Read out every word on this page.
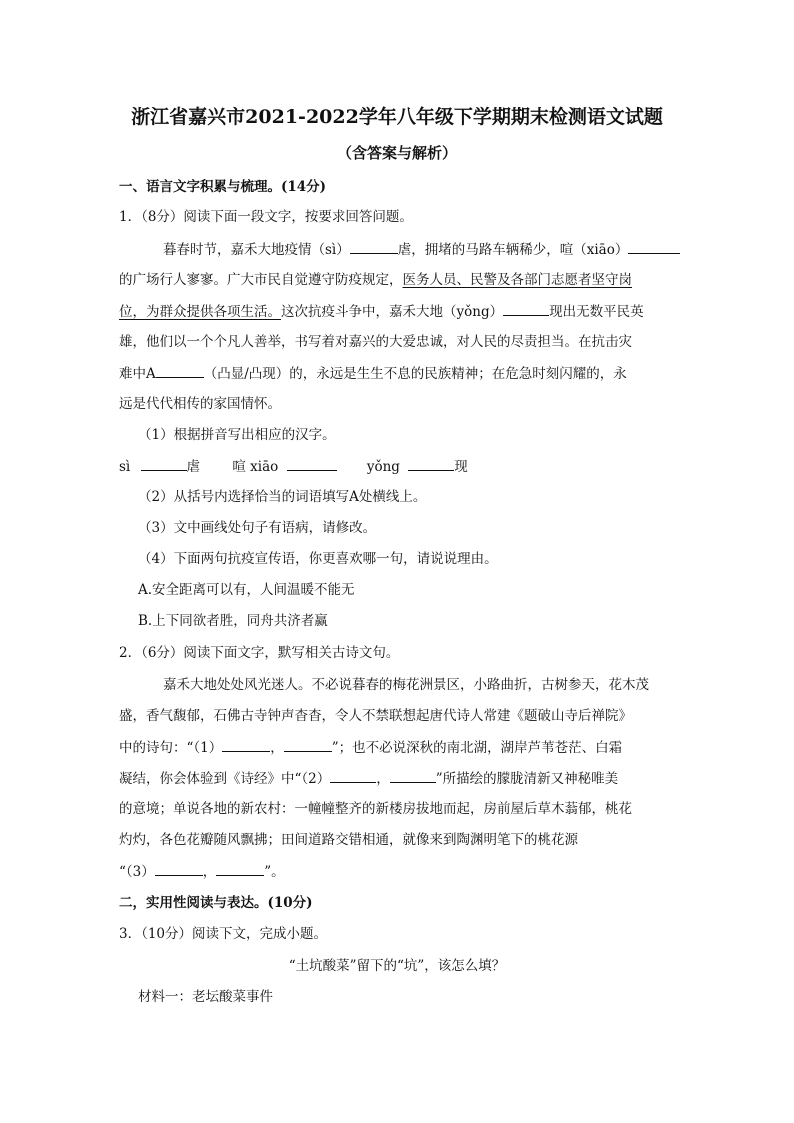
浙江省嘉兴市2021-2022学年八年级下学期期末检测语文试题
（含答案与解析）
一、语言文字积累与梳理。(14分)
1．（8分）阅读下面一段文字，按要求回答问题。
暮春时节，嘉禾大地疫情（sì）	虐，拥堵的马路车辆稀少，喧（xiāo）
的广场行人寥寥。广大市民自觉遵守防疫规定，医务人员、民警及各部门志愿者坚守岗
位，为群众提供各项生活。这次抗疫斗争中，嘉禾大地（yǒng）	现出无数平民英
雄，他们以一个个凡人善举，书写着对嘉兴的大爱忠诚，对人民的尽责担当。在抗击灾
难中A	（凸显/凸现）的，永远是生生不息的民族精神；在危急时刻闪耀的，永
远是代代相传的家国情怀。
（1）根据拼音写出相应的汉字。
sì	虐 喧 xiāo	yǒng	现
（2）从括号内选择恰当的词语填写A处横线上。
（3）文中画线处句子有语病，请修改。
（4）下面两句抗疫宣传语，你更喜欢哪一句，请说说理由。
A.安全距离可以有，人间温暖不能无
B.上下同欲者胜，同舟共济者赢
2．（6分）阅读下面文字，默写相关古诗文句。
嘉禾大地处处风光迷人。不必说暮春的梅花洲景区，小路曲折，古树参天，花木茂
盛，香气馥郁，石佛古寺钟声杳杳，令人不禁联想起唐代诗人常建《题破山寺后禅院》
中的诗句：“（1）	，	”；也不必说深秋的南北湖，湖岸芦苇苍茫、白霜
凝结，你会体验到《诗经》中“（2）	，	”所描绘的朦胧清新又神秘唯美
的意境；单说各地的新农村：一幢幢整齐的新楼房拔地而起，房前屋后草木蓊郁，桃花
灼灼，各色花瓣随风飘拂；田间道路交错相通，就像来到陶渊明笔下的桃花源
“（3）	，	”。
二，实用性阅读与表达。(10分)
3．（10分）阅读下文，完成小题。
“土坑酸菜”留下的“坑”，该怎么填？
材料一：老坛酸菜事件
